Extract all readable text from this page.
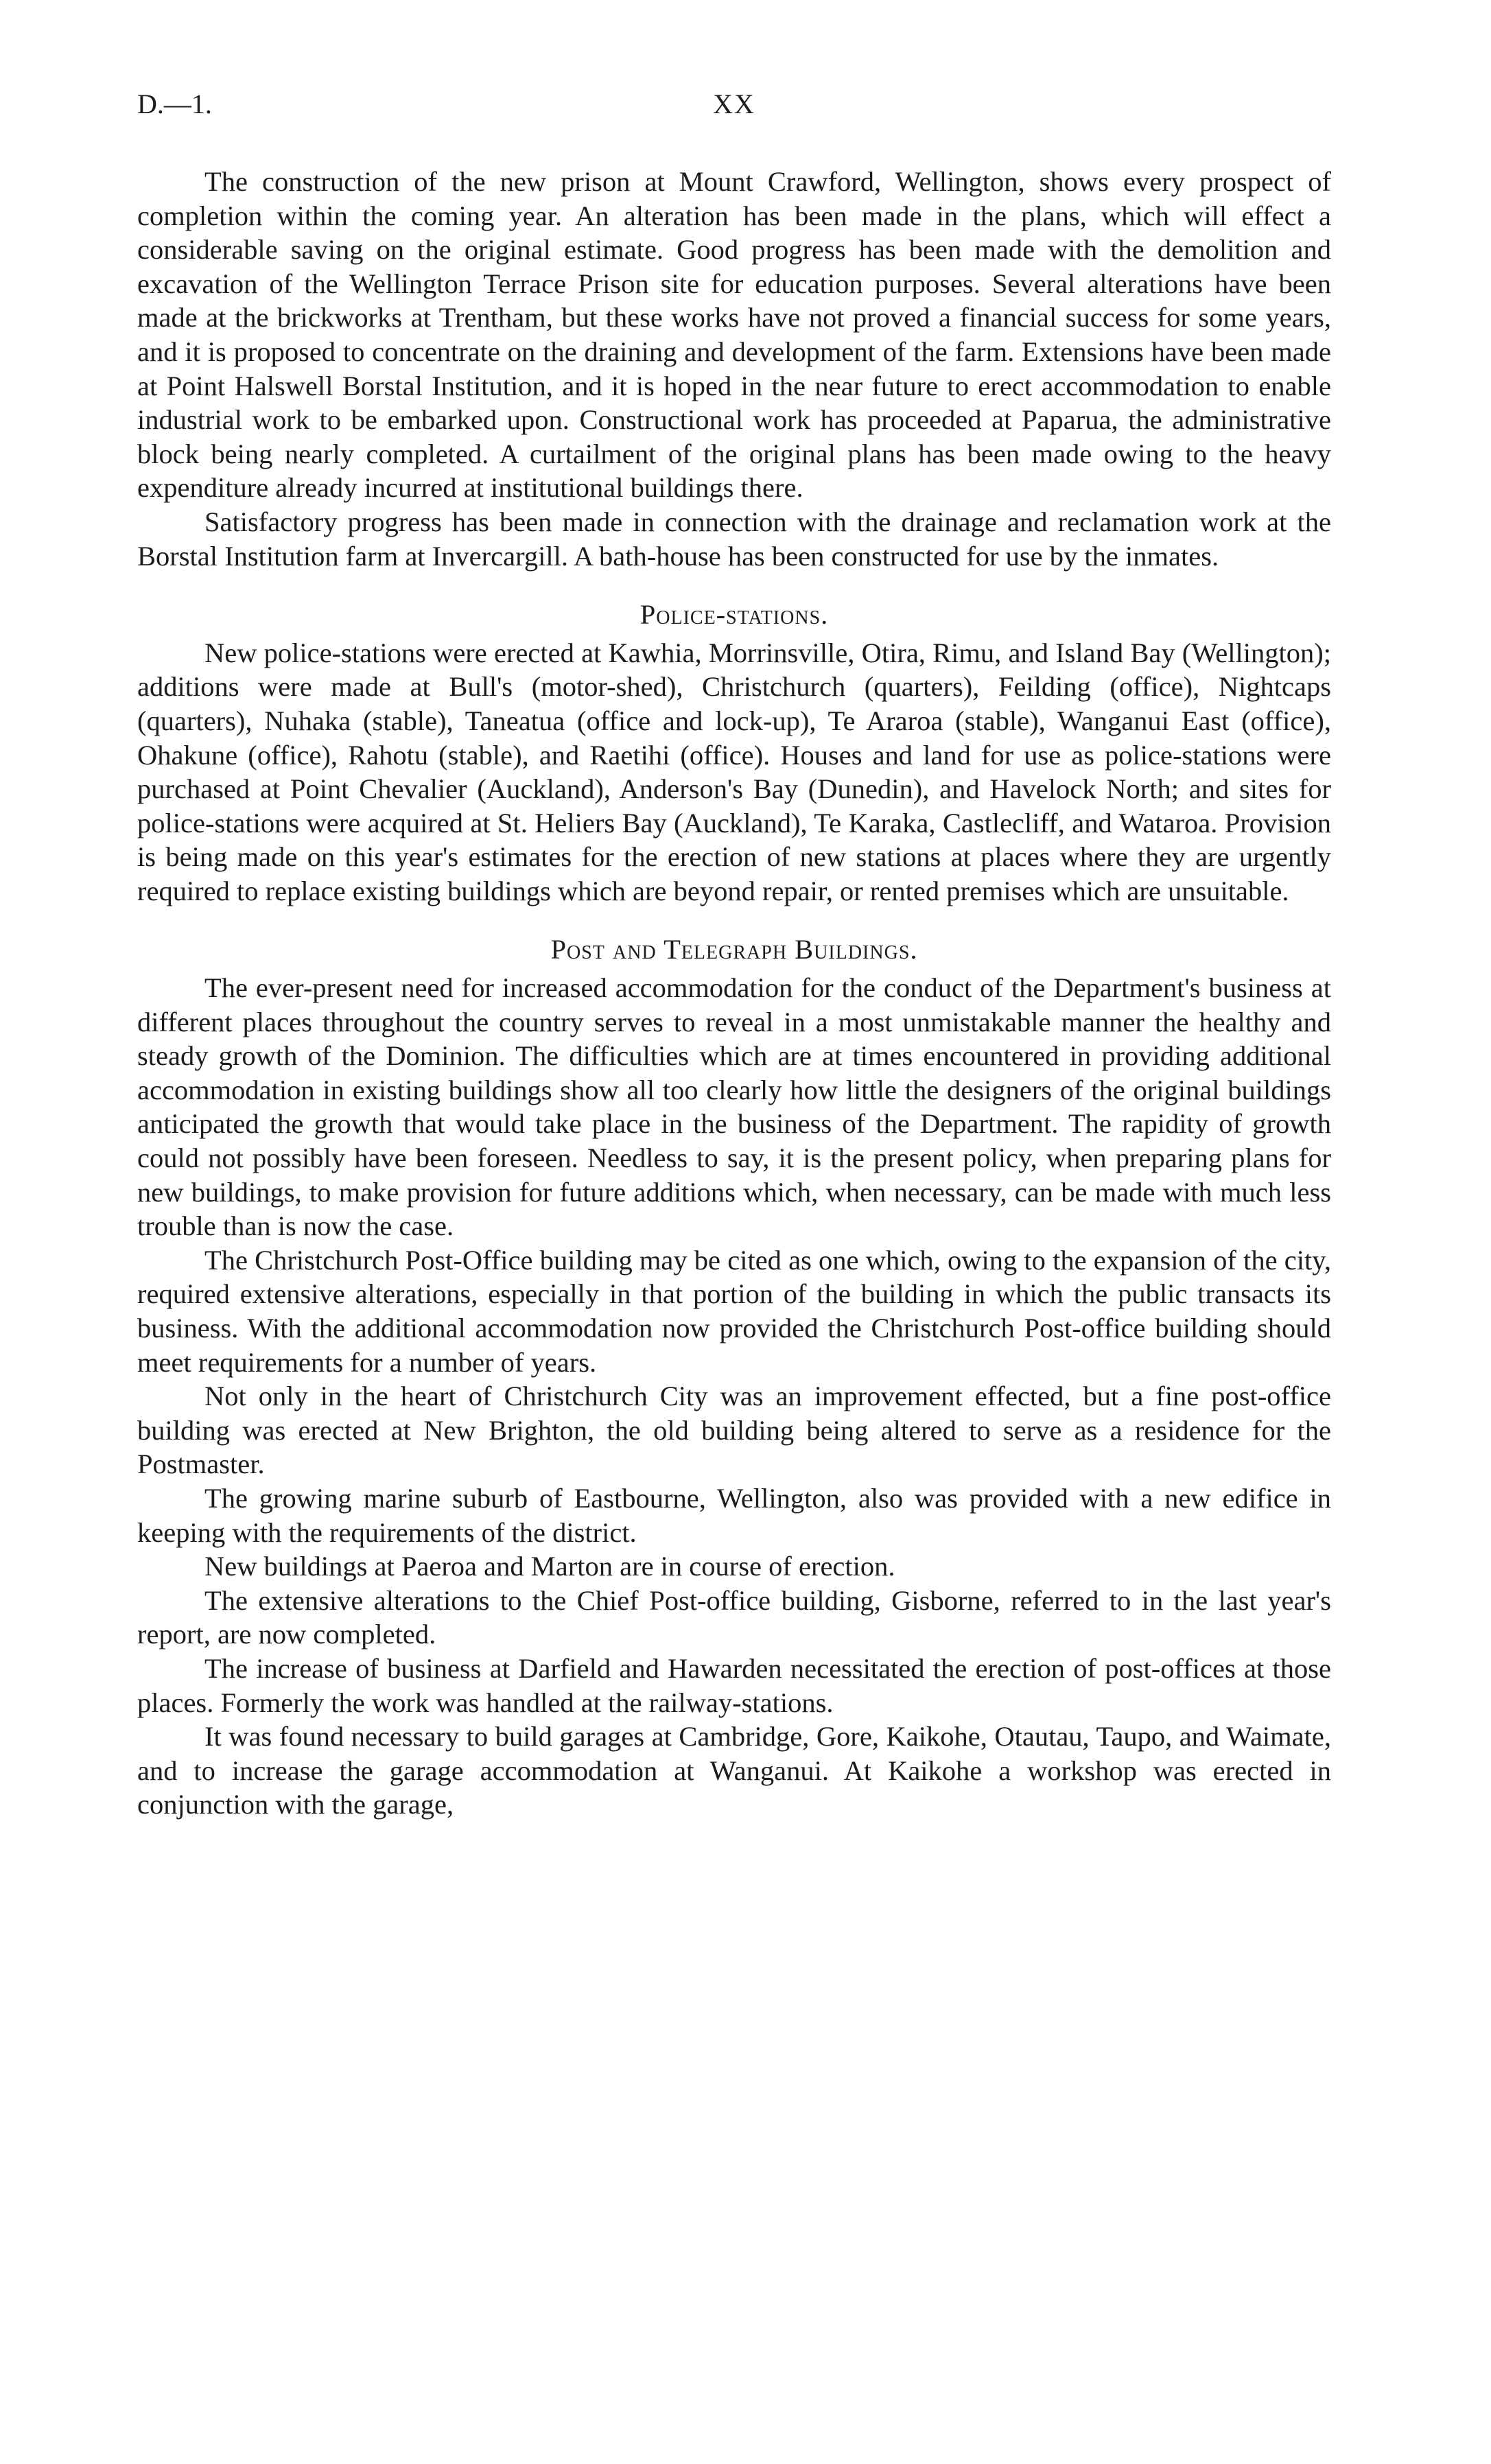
D.—1.	XX

The construction of the new prison at Mount Crawford, Wellington, shows every prospect of completion within the coming year. An alteration has been made in the plans, which will effect a considerable saving on the original estimate. Good progress has been made with the demolition and excavation of the Wellington Terrace Prison site for education purposes. Several alterations have been made at the brickworks at Trentham, but these works have not proved a financial success for some years, and it is proposed to concentrate on the draining and development of the farm. Extensions have been made at Point Halswell Borstal Institution, and it is hoped in the near future to erect accommodation to enable industrial work to be embarked upon. Constructional work has proceeded at Paparua, the administrative block being nearly completed. A curtailment of the original plans has been made owing to the heavy expenditure already incurred at institutional buildings there.

Satisfactory progress has been made in connection with the drainage and reclamation work at the Borstal Institution farm at Invercargill. A bath-house has been constructed for use by the inmates.

Police-stations.

New police-stations were erected at Kawhia, Morrinsville, Otira, Rimu, and Island Bay (Wellington); additions were made at Bull's (motor-shed), Christchurch (quarters), Feilding (office), Nightcaps (quarters), Nuhaka (stable), Taneatua (office and lock-up), Te Araroa (stable), Wanganui East (office), Ohakune (office), Rahotu (stable), and Raetihi (office). Houses and land for use as police-stations were purchased at Point Chevalier (Auckland), Anderson's Bay (Dunedin), and Havelock North; and sites for police-stations were acquired at St. Heliers Bay (Auckland), Te Karaka, Castlecliff, and Wataroa. Provision is being made on this year's estimates for the erection of new stations at places where they are urgently required to replace existing buildings which are beyond repair, or rented premises which are unsuitable.

Post and Telegraph Buildings.

The ever-present need for increased accommodation for the conduct of the Department's business at different places throughout the country serves to reveal in a most unmistakable manner the healthy and steady growth of the Dominion. The difficulties which are at times encountered in providing additional accommodation in existing buildings show all too clearly how little the designers of the original buildings anticipated the growth that would take place in the business of the Department. The rapidity of growth could not possibly have been foreseen. Needless to say, it is the present policy, when preparing plans for new buildings, to make provision for future additions which, when necessary, can be made with much less trouble than is now the case.

The Christchurch Post-Office building may be cited as one which, owing to the expansion of the city, required extensive alterations, especially in that portion of the building in which the public transacts its business. With the additional accommodation now provided the Christchurch Post-office building should meet requirements for a number of years.

Not only in the heart of Christchurch City was an improvement effected, but a fine post-office building was erected at New Brighton, the old building being altered to serve as a residence for the Postmaster.

The growing marine suburb of Eastbourne, Wellington, also was provided with a new edifice in keeping with the requirements of the district.

New buildings at Paeroa and Marton are in course of erection.

The extensive alterations to the Chief Post-office building, Gisborne, referred to in the last year's report, are now completed.

The increase of business at Darfield and Hawarden necessitated the erection of post-offices at those places. Formerly the work was handled at the railway-stations.

It was found necessary to build garages at Cambridge, Gore, Kaikohe, Otautau, Taupo, and Waimate, and to increase the garage accommodation at Wanganui. At Kaikohe a workshop was erected in conjunction with the garage,
